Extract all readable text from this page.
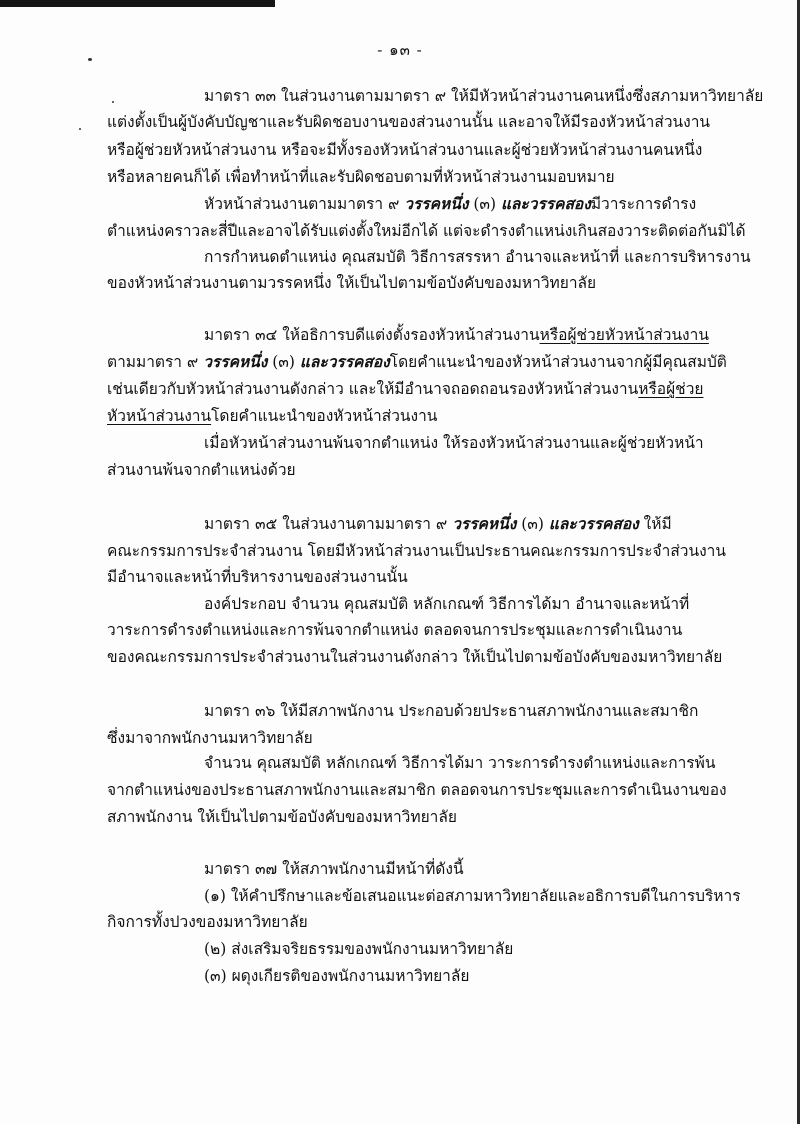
- ๑๓ -
มาตรา ๓๓ ในส่วนงานตามมาตรา ๙ ให้มีหัวหน้าส่วนงานคนหนึ่งซึ่งสภามหาวิทยาลัย
แต่งตั้งเป็นผู้บังคับบัญชาและรับผิดชอบงานของส่วนงานนั้น และอาจให้มีรองหัวหน้าส่วนงาน
หรือผู้ช่วยหัวหน้าส่วนงาน หรือจะมีทั้งรองหัวหน้าส่วนงานและผู้ช่วยหัวหน้าส่วนงานคนหนึ่ง
หรือหลายคนก็ได้ เพื่อทำหน้าที่และรับผิดชอบตามที่หัวหน้าส่วนงานมอบหมาย
หัวหน้าส่วนงานตามมาตรา ๙ วรรคหนึ่ง (๓) และวรรคสองมีวาระการดำรง
ตำแหน่งคราวละสี่ปีและอาจได้รับแต่งตั้งใหม่อีกได้ แต่จะดำรงตำแหน่งเกินสองวาระติดต่อกันมิได้
การกำหนดตำแหน่ง คุณสมบัติ วิธีการสรรหา อำนาจและหน้าที่ และการบริหารงาน
ของหัวหน้าส่วนงานตามวรรคหนึ่ง ให้เป็นไปตามข้อบังคับของมหาวิทยาลัย
มาตรา ๓๔ ให้อธิการบดีแต่งตั้งรองหัวหน้าส่วนงานหรือผู้ช่วยหัวหน้าส่วนงาน
ตามมาตรา ๙ วรรคหนึ่ง (๓) และวรรคสองโดยคำแนะนำของหัวหน้าส่วนงานจากผู้มีคุณสมบัติ
เช่นเดียวกับหัวหน้าส่วนงานดังกล่าว และให้มีอำนาจถอดถอนรองหัวหน้าส่วนงานหรือผู้ช่วย
หัวหน้าส่วนงานโดยคำแนะนำของหัวหน้าส่วนงาน
เมื่อหัวหน้าส่วนงานพ้นจากตำแหน่ง ให้รองหัวหน้าส่วนงานและผู้ช่วยหัวหน้า
ส่วนงานพ้นจากตำแหน่งด้วย
มาตรา ๓๕ ในส่วนงานตามมาตรา ๙ วรรคหนึ่ง (๓) และวรรคสอง ให้มี
คณะกรรมการประจำส่วนงาน โดยมีหัวหน้าส่วนงานเป็นประธานคณะกรรมการประจำส่วนงาน
มีอำนาจและหน้าที่บริหารงานของส่วนงานนั้น
องค์ประกอบ จำนวน คุณสมบัติ หลักเกณฑ์ วิธีการได้มา อำนาจและหน้าที่
วาระการดำรงตำแหน่งและการพ้นจากตำแหน่ง ตลอดจนการประชุมและการดำเนินงาน
ของคณะกรรมการประจำส่วนงานในส่วนงานดังกล่าว ให้เป็นไปตามข้อบังคับของมหาวิทยาลัย
มาตรา ๓๖ ให้มีสภาพนักงาน ประกอบด้วยประธานสภาพนักงานและสมาชิก
ซึ่งมาจากพนักงานมหาวิทยาลัย
จำนวน คุณสมบัติ หลักเกณฑ์ วิธีการได้มา วาระการดำรงตำแหน่งและการพ้น
จากตำแหน่งของประธานสภาพนักงานและสมาชิก ตลอดจนการประชุมและการดำเนินงานของ
สภาพนักงาน ให้เป็นไปตามข้อบังคับของมหาวิทยาลัย
มาตรา ๓๗ ให้สภาพนักงานมีหน้าที่ดังนี้
(๑) ให้คำปรึกษาและข้อเสนอแนะต่อสภามหาวิทยาลัยและอธิการบดีในการบริหาร
กิจการทั้งปวงของมหาวิทยาลัย
(๒) ส่งเสริมจริยธรรมของพนักงานมหาวิทยาลัย
(๓) ผดุงเกียรติของพนักงานมหาวิทยาลัย
